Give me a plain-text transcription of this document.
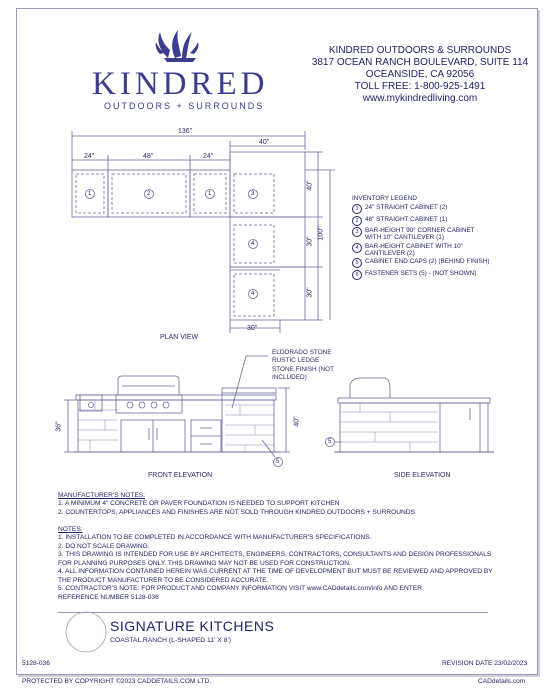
KINDRED
OUTDOORS + SURROUNDS
KINDRED OUTDOORS & SURROUNDS
3817 OCEAN RANCH BOULEVARD, SUITE 114
OCEANSIDE, CA 92056
TOLL FREE: 1-800-925-1491
www.mykindredliving.com
136"
24"	48"	24"
40"
40"
30"
30"
100"
30"
PLAN VIEW
1	2	1	3
4
4
INVENTORY LEGEND
1	24" STRAIGHT CABINET (2)
2	48" STRAIGHT CABINET (1)
3	BAR-HEIGHT 90° CORNER CABINET
WITH 10" CANTILEVER (1)
4	BAR-HEIGHT CABINET WITH 10"
CANTILEVER (2)
5	CABINET END CAPS (2) (BEHIND FINISH)
6	FASTENER SETS (5) - (NOT SHOWN)
ELDORADO STONE
RUSTIC LEDGE
STONE FINISH (NOT
INCLUDED)
36"	40"
5
5
FRONT ELEVATION	SIDE ELEVATION
MANUFACTURER'S NOTES:
1. A MINIMUM 4" CONCRETE OR PAVER FOUNDATION IS NEEDED TO SUPPORT KITCHEN
2. COUNTERTOPS, APPLIANCES AND FINISHES ARE NOT SOLD THROUGH KINDRED OUTDOORS + SURROUNDS
NOTES:
1. INSTALLATION TO BE COMPLETED IN ACCORDANCE WITH MANUFACTURER'S SPECIFICATIONS.
2. DO NOT SCALE DRAWING.
3. THIS DRAWING IS INTENDED FOR USE BY ARCHITECTS, ENGINEERS, CONTRACTORS, CONSULTANTS AND DESIGN PROFESSIONALS
FOR PLANNING PURPOSES ONLY. THIS DRAWING MAY NOT BE USED FOR CONSTRUCTION.
4. ALL INFORMATION CONTAINED HEREIN WAS CURRENT AT THE TIME OF DEVELOPMENT BUT MUST BE REVIEWED AND APPROVED BY
THE PRODUCT MANUFACTURER TO BE CONSIDERED ACCURATE.
5. CONTRACTOR'S NOTE: FOR PRODUCT AND COMPANY INFORMATION VISIT www.CADdetails.com/info AND ENTER
REFERENCE NUMBER 5128-036
SIGNATURE KITCHENS
COASTAL RANCH (L-SHAPED 11' X 8')
5128-036	REVISION DATE 23/02/2023
PROTECTED BY COPYRIGHT ©2023 CADDETAILS.COM LTD.	CADdetails.com
